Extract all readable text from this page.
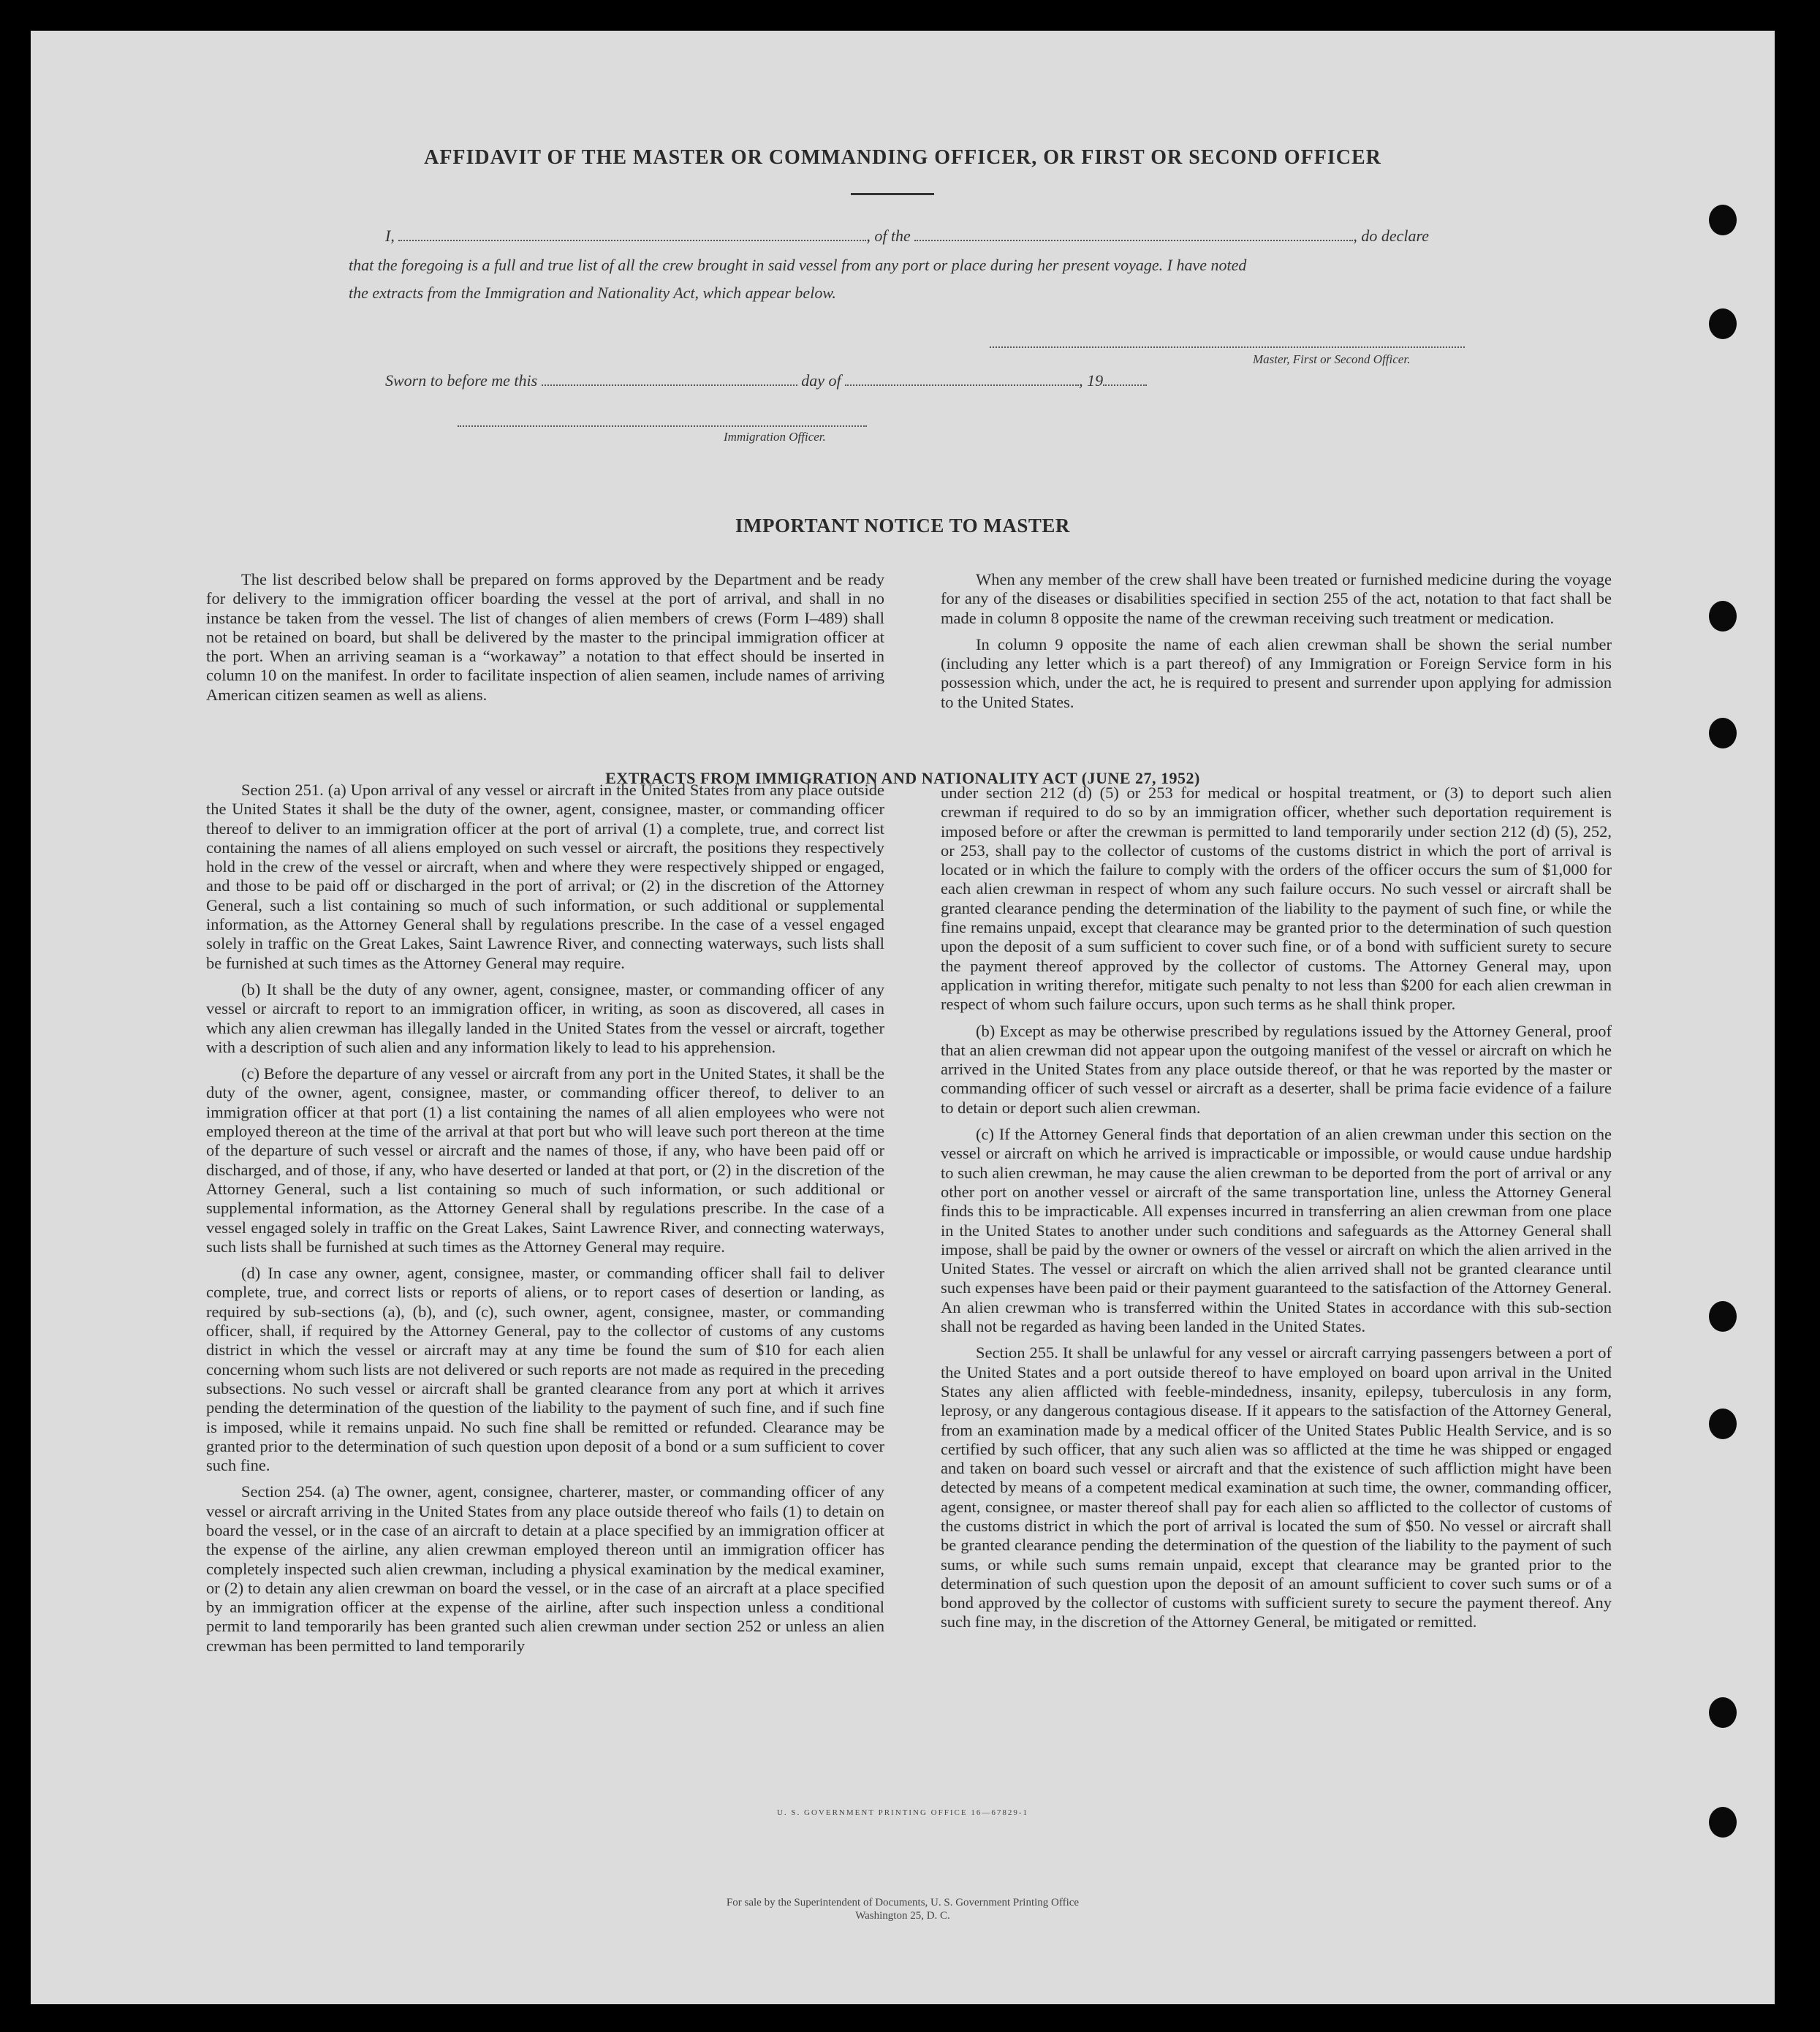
AFFIDAVIT OF THE MASTER OR COMMANDING OFFICER, OR FIRST OR SECOND OFFICER
I,	, of the	, do declare
that the foregoing is a full and true list of all the crew brought in said vessel from any port or place during her present voyage. I have noted
the extracts from the Immigration and Nationality Act, which appear below.
Master, First or Second Officer.
Sworn to before me this	day of	, 19
Immigration Officer.
IMPORTANT NOTICE TO MASTER

The list described below shall be prepared on forms approved by the Department and be ready for delivery to the immigration officer boarding the vessel at the port of arrival, and shall in no instance be taken from the vessel. The list of changes of alien members of crews (Form I–489) shall not be retained on board, but shall be delivered by the master to the principal immigration officer at the port. When an arriving seaman is a “workaway” a notation to that effect should be inserted in column 10 on the manifest. In order to facilitate inspection of alien seamen, include names of arriving American citizen seamen as well as aliens.

When any member of the crew shall have been treated or furnished medicine during the voyage for any of the diseases or disabilities specified in section 255 of the act, notation to that fact shall be made in column 8 opposite the name of the crewman receiving such treatment or medication.

In column 9 opposite the name of each alien crewman shall be shown the serial number (including any letter which is a part thereof) of any Immigration or Foreign Service form in his possession which, under the act, he is required to present and surrender upon applying for admission to the United States.

EXTRACTS FROM IMMIGRATION AND NATIONALITY ACT (JUNE 27, 1952)

Section 251. (a) Upon arrival of any vessel or aircraft in the United States from any place outside the United States it shall be the duty of the owner, agent, consignee, master, or commanding officer thereof to deliver to an immigration officer at the port of arrival (1) a complete, true, and correct list containing the names of all aliens employed on such vessel or aircraft, the positions they respectively hold in the crew of the vessel or aircraft, when and where they were respectively shipped or engaged, and those to be paid off or discharged in the port of arrival; or (2) in the discretion of the Attorney General, such a list containing so much of such information, or such additional or supplemental information, as the Attorney General shall by regulations prescribe. In the case of a vessel engaged solely in traffic on the Great Lakes, Saint Lawrence River, and connecting waterways, such lists shall be furnished at such times as the Attorney General may require.

(b) It shall be the duty of any owner, agent, consignee, master, or commanding officer of any vessel or aircraft to report to an immigration officer, in writing, as soon as discovered, all cases in which any alien crewman has illegally landed in the United States from the vessel or aircraft, together with a description of such alien and any information likely to lead to his apprehension.

(c) Before the departure of any vessel or aircraft from any port in the United States, it shall be the duty of the owner, agent, consignee, master, or commanding officer thereof, to deliver to an immigration officer at that port (1) a list containing the names of all alien employees who were not employed thereon at the time of the arrival at that port but who will leave such port thereon at the time of the departure of such vessel or aircraft and the names of those, if any, who have been paid off or discharged, and of those, if any, who have deserted or landed at that port, or (2) in the discretion of the Attorney General, such a list containing so much of such information, or such additional or supplemental information, as the Attorney General shall by regulations prescribe. In the case of a vessel engaged solely in traffic on the Great Lakes, Saint Lawrence River, and connecting waterways, such lists shall be furnished at such times as the Attorney General may require.

(d) In case any owner, agent, consignee, master, or commanding officer shall fail to deliver complete, true, and correct lists or reports of aliens, or to report cases of desertion or landing, as required by sub-sections (a), (b), and (c), such owner, agent, consignee, master, or commanding officer, shall, if required by the Attorney General, pay to the collector of customs of any customs district in which the vessel or aircraft may at any time be found the sum of $10 for each alien concerning whom such lists are not delivered or such reports are not made as required in the preceding subsections. No such vessel or aircraft shall be granted clearance from any port at which it arrives pending the determination of the question of the liability to the payment of such fine, and if such fine is imposed, while it remains unpaid. No such fine shall be remitted or refunded. Clearance may be granted prior to the determination of such question upon deposit of a bond or a sum sufficient to cover such fine.

Section 254. (a) The owner, agent, consignee, charterer, master, or commanding officer of any vessel or aircraft arriving in the United States from any place outside thereof who fails (1) to detain on board the vessel, or in the case of an aircraft to detain at a place specified by an immigration officer at the expense of the airline, any alien crewman employed thereon until an immigration officer has completely inspected such alien crewman, including a physical examination by the medical examiner, or (2) to detain any alien crewman on board the vessel, or in the case of an aircraft at a place specified by an immigration officer at the expense of the airline, after such inspection unless a conditional permit to land temporarily has been granted such alien crewman under section 252 or unless an alien crewman has been permitted to land temporarily

under section 212 (d) (5) or 253 for medical or hospital treatment, or (3) to deport such alien crewman if required to do so by an immigration officer, whether such deportation requirement is imposed before or after the crewman is permitted to land temporarily under section 212 (d) (5), 252, or 253, shall pay to the collector of customs of the customs district in which the port of arrival is located or in which the failure to comply with the orders of the officer occurs the sum of $1,000 for each alien crewman in respect of whom any such failure occurs. No such vessel or aircraft shall be granted clearance pending the determination of the liability to the payment of such fine, or while the fine remains unpaid, except that clearance may be granted prior to the determination of such question upon the deposit of a sum sufficient to cover such fine, or of a bond with sufficient surety to secure the payment thereof approved by the collector of customs. The Attorney General may, upon application in writing therefor, mitigate such penalty to not less than $200 for each alien crewman in respect of whom such failure occurs, upon such terms as he shall think proper.

(b) Except as may be otherwise prescribed by regulations issued by the Attorney General, proof that an alien crewman did not appear upon the outgoing manifest of the vessel or aircraft on which he arrived in the United States from any place outside thereof, or that he was reported by the master or commanding officer of such vessel or aircraft as a deserter, shall be prima facie evidence of a failure to detain or deport such alien crewman.

(c) If the Attorney General finds that deportation of an alien crewman under this section on the vessel or aircraft on which he arrived is impracticable or impossible, or would cause undue hardship to such alien crewman, he may cause the alien crewman to be deported from the port of arrival or any other port on another vessel or aircraft of the same transportation line, unless the Attorney General finds this to be impracticable. All expenses incurred in transferring an alien crewman from one place in the United States to another under such conditions and safeguards as the Attorney General shall impose, shall be paid by the owner or owners of the vessel or aircraft on which the alien arrived in the United States. The vessel or aircraft on which the alien arrived shall not be granted clearance until such expenses have been paid or their payment guaranteed to the satisfaction of the Attorney General. An alien crewman who is transferred within the United States in accordance with this sub-section shall not be regarded as having been landed in the United States.

Section 255. It shall be unlawful for any vessel or aircraft carrying passengers between a port of the United States and a port outside thereof to have employed on board upon arrival in the United States any alien afflicted with feeble-mindedness, insanity, epilepsy, tuberculosis in any form, leprosy, or any dangerous contagious disease. If it appears to the satisfaction of the Attorney General, from an examination made by a medical officer of the United States Public Health Service, and is so certified by such officer, that any such alien was so afflicted at the time he was shipped or engaged and taken on board such vessel or aircraft and that the existence of such affliction might have been detected by means of a competent medical examination at such time, the owner, commanding officer, agent, consignee, or master thereof shall pay for each alien so afflicted to the collector of customs of the customs district in which the port of arrival is located the sum of $50. No vessel or aircraft shall be granted clearance pending the determination of the question of the liability to the payment of such sums, or while such sums remain unpaid, except that clearance may be granted prior to the determination of such question upon the deposit of an amount sufficient to cover such sums or of a bond approved by the collector of customs with sufficient surety to secure the payment thereof. Any such fine may, in the discretion of the Attorney General, be mitigated or remitted.

U. S. GOVERNMENT PRINTING OFFICE 16—67829-1
For sale by the Superintendent of Documents, U. S. Government Printing Office
Washington 25, D. C.
